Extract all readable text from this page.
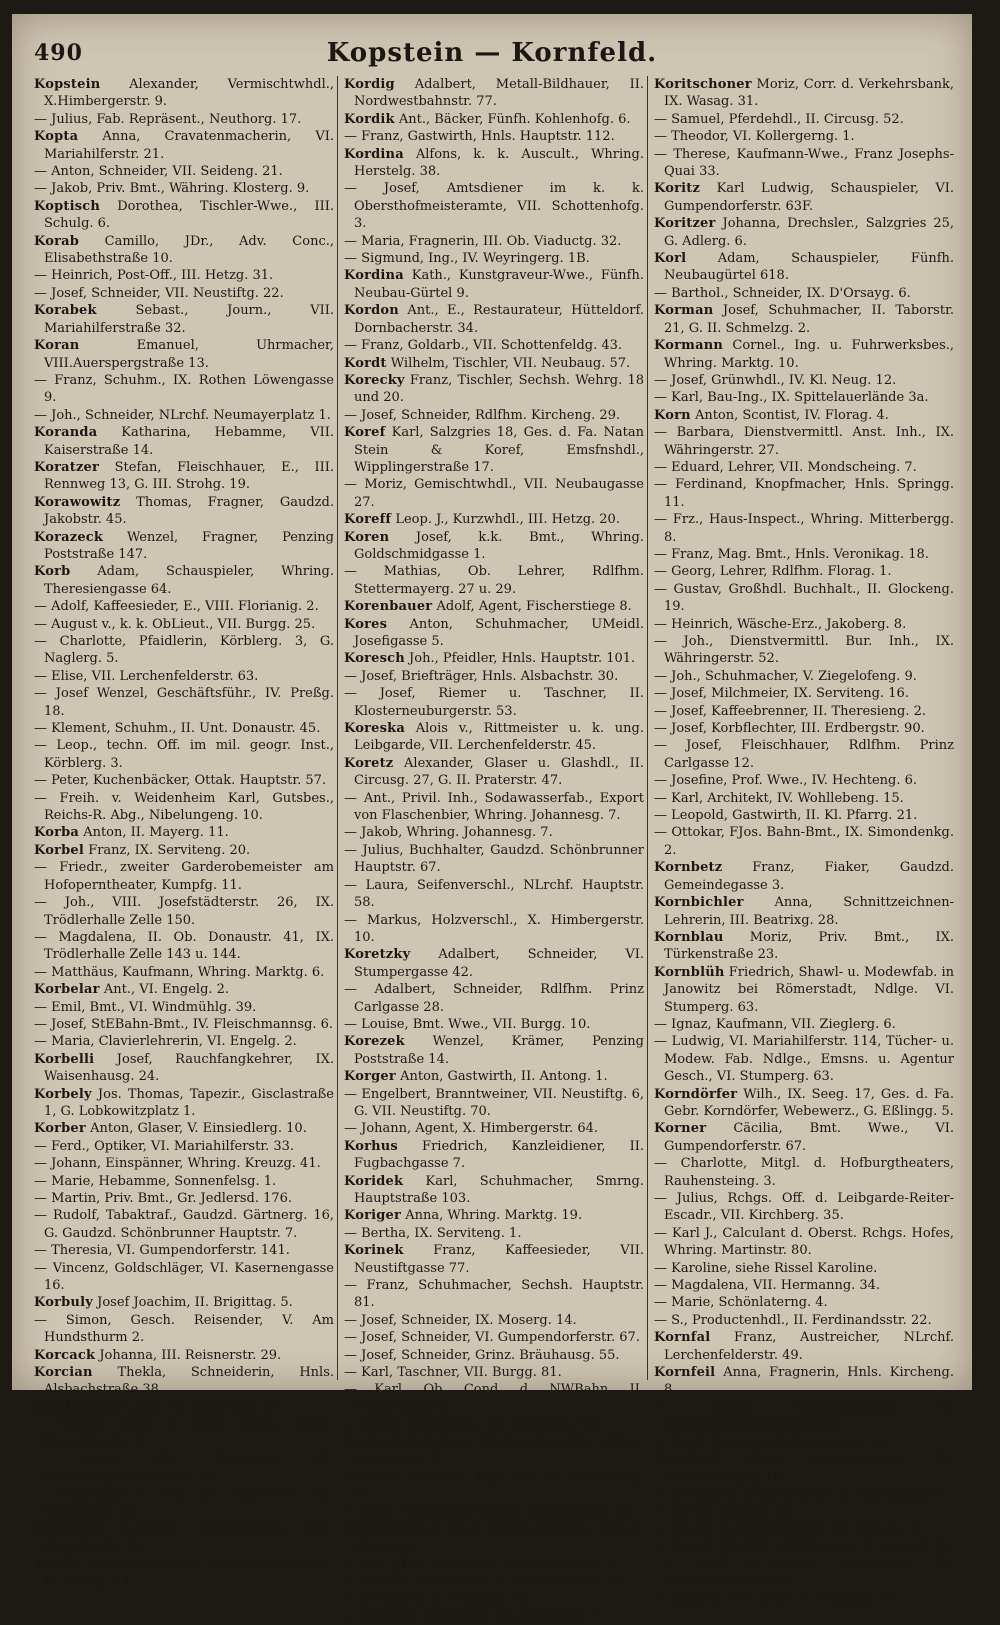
490	Kopstein — Kornfeld.

Kopstein Alexander, Vermischtwhdl., X.Himbergerstr. 9.

— Julius, Fab. Repräsent., Neuthorg. 17.

Kopta Anna, Cravatenmacherin, VI. Mariahilferstr. 21.

— Anton, Schneider, VII. Seideng. 21.

— Jakob, Priv. Bmt., Währing. Klosterg. 9.

Koptisch Dorothea, Tischler-Wwe., III. Schulg. 6.

Korab Camillo, JDr., Adv. Conc., Elisabethstraße 10.

— Heinrich, Post-Off., III. Hetzg. 31.

— Josef, Schneider, VII. Neustiftg. 22.

Korabek	Sebast., Journ., VII. Mariahilferstraße 32.

Koran	Emanuel, Uhrmacher, VIII.Auerspergstraße 13.

— Franz, Schuhm., IX. Rothen Löwengasse 9.

— Joh., Schneider, NLrchf. Neumayerplatz 1.

Koranda Katharina, Hebamme, VII. Kaiserstraße 14.

Koratzer Stefan, Fleischhauer, E., III. Rennweg 13, G. III. Strohg. 19.

Korawowitz Thomas, Fragner, Gaudzd. Jakobstr. 45.

Korazeck Wenzel, Fragner, Penzing Poststraße 147.

Korb Adam, Schauspieler, Whring. Theresiengasse 64.

— Adolf, Kaffeesieder, E., VIII. Florianig. 2.

— August v., k. k. ObLieut., VII. Burgg. 25.

— Charlotte, Pfaidlerin, Körblerg. 3, G. Naglerg. 5.

— Elise, VII. Lerchenfelderstr. 63.

— Josef Wenzel, Geschäftsführ., IV. Preßg. 18.

— Klement, Schuhm., II. Unt. Donaustr. 45.

— Leop., techn. Off. im mil. geogr. Inst., Körblerg. 3.

— Peter, Kuchenbäcker, Ottak. Hauptstr. 57.

— Freih. v. Weidenheim Karl, Gutsbes., Reichs-R. Abg., Nibelungeng. 10.

Korba Anton, II. Mayerg. 11.

Korbel Franz, IX. Serviteng. 20.

— Friedr., zweiter Garderobemeister am Hofoperntheater, Kumpfg. 11.

— Joh., VIII. Josefstädterstr. 26, IX. Trödlerhalle Zelle 150.

— Magdalena, II. Ob. Donaustr. 41, IX. Trödlerhalle Zelle 143 u. 144.

— Matthäus, Kaufmann, Whring. Marktg. 6.

Korbelar Ant., VI. Engelg. 2.

— Emil, Bmt., VI. Windmühlg. 39.

— Josef, StEBahn-Bmt., IV. Fleischmannsg. 6.

— Maria, Clavierlehrerin, VI. Engelg. 2.

Korbelli Josef, Rauchfangkehrer, IX. Waisenhausg. 24.

Korbely Jos. Thomas, Tapezir., Gisclastraße 1, G. Lobkowitzplatz 1.

Korber Anton, Glaser, V. Einsiedlerg. 10.

— Ferd., Optiker, VI. Mariahilferstr. 33.

— Johann, Einspänner, Whring. Kreuzg. 41.

— Marie, Hebamme, Sonnenfelsg. 1.

— Martin, Priv. Bmt., Gr. Jedlersd. 176.

— Rudolf, Tabaktraf., Gaudzd. Gärtnerg. 16, G. Gaudzd. Schönbrunner Hauptstr. 7.

— Theresia, VI. Gumpendorferstr. 141.

— Vincenz, Goldschläger, VI. Kasernengasse 16.

Korbuly Josef Joachim, II. Brigittag. 5.

— Simon, Gesch. Reisender, V. Am Hundsthurm 2.

Korcack Johanna, III. Reisnerstr. 29.

Korcian Thekla, Schneiderin, Hnls. Alsbachstraße 38.

Korda Josef, Lieut., IV. Schwindg. 11.

— Rudolf, Bmt. d. FJos. Bahn, Ottak. Hauptstraße 47.

— Victor, Ob. Buchhalt., IX. Schwarzspanierstraße 22.

— Vincenzia v., Ob. St. Arzt-Wwe., III. Seidlgasse 12.

Kordesch Leopold, Schriftsteller, VIII. Alserstraße 47.

Kordic Isak, Assist. a. d. techn. Hochschule, IV. Alleeg. 14.

Kordig Adalbert, Metall-Bildhauer, II. Nordwestbahnstr. 77.

Kordik Ant., Bäcker, Fünfh. Kohlenhofg. 6.

— Franz, Gastwirth, Hnls. Hauptstr. 112.

Kordina Alfons, k. k. Auscult., Whring. Herstelg. 38.

— Josef, Amtsdiener im k. k. Obersthofmeisteramte, VII. Schottenhofg. 3.

— Maria, Fragnerin, III. Ob. Viaductg. 32.

— Sigmund, Ing., IV. Weyringerg. 1B.

Kordina Kath., Kunstgraveur-Wwe., Fünfh. Neubau-Gürtel 9.

Kordon Ant., E., Restaurateur, Hütteldorf. Dornbacherstr. 34.

— Franz, Goldarb., VII. Schottenfeldg. 43.

Kordt Wilhelm, Tischler, VII. Neubaug. 57.

Korecky Franz, Tischler, Sechsh. Wehrg. 18 und 20.

— Josef, Schneider, Rdlfhm. Kircheng. 29.

Koref Karl, Salzgries 18, Ges. d. Fa. Natan Stein & Koref, Emsfnshdl., Wipplingerstraße 17.

— Moriz, Gemischtwhdl., VII. Neubaugasse 27.

Koreff Leop. J., Kurzwhdl., III. Hetzg. 20.

Koren Josef, k.k. Bmt., Whring. Goldschmidgasse 1.

— Mathias, Ob. Lehrer, Rdlfhm. Stettermayerg. 27 u. 29.

Korenbauer Adolf, Agent, Fischerstiege 8.

Kores Anton, Schuhmacher, UMeidl. Josefigasse 5.

Koresch Joh., Pfeidler, Hnls. Hauptstr. 101.

— Josef, Briefträger, Hnls. Alsbachstr. 30.

— Josef, Riemer u. Taschner, II. Klosterneuburgerstr. 53.

Koreska Alois v., Rittmeister u. k. ung. Leibgarde, VII. Lerchenfelderstr. 45.

Koretz Alexander, Glaser u. Glashdl., II. Circusg. 27, G. II. Praterstr. 47.

— Ant., Privil. Inh., Sodawasserfab., Export von Flaschenbier, Whring. Johannesg. 7.

— Jakob, Whring. Johannesg. 7.

— Julius, Buchhalter, Gaudzd. Schönbrunner Hauptstr. 67.

— Laura, Seifenverschl., NLrchf. Hauptstr. 58.

— Markus, Holzverschl., X. Himbergerstr. 10.

Koretzky Adalbert, Schneider, VI. Stumpergasse 42.

— Adalbert, Schneider, Rdlfhm. Prinz Carlgasse 28.

— Louise, Bmt. Wwe., VII. Burgg. 10.

Korezek Wenzel, Krämer, Penzing Poststraße 14.

Korger Anton, Gastwirth, II. Antong. 1.

— Engelbert, Branntweiner, VII. Neustiftg. 6, G. VII. Neustiftg. 70.

— Johann, Agent, X. Himbergerstr. 64.

Korhus Friedrich, Kanzleidiener, II. Fugbachgasse 7.

Koridek Karl, Schuhmacher, Smrng. Hauptstraße 103.

Koriger Anna, Whring. Marktg. 19.

— Bertha, IX. Serviteng. 1.

Korinek Franz, Kaffeesieder, VII. Neustiftgasse 77.

— Franz, Schuhmacher, Sechsh. Hauptstr. 81.

— Josef, Schneider, IX. Moserg. 14.

— Josef, Schneider, VI. Gumpendorferstr. 67.

— Josef, Schneider, Grinz. Bräuhausg. 55.

— Karl, Taschner, VII. Burgg. 81.

— Karl, Ob. Cond. d. NWBahn, II. Wintergasse 3.

— Maria, Wäscherin, III. Wällischg. 85.

Korischek Johann, Pfeifenschneider, Hzing. Meierhofg. 8.

Koriska Emanuel, Rgt. Arzt, IX. Garnisong. 6.

— Josef, Apotheker, Dornb. Hauptstraße 52.

Koritschoner Adolf, Producentnhdl., Ottak. Querg. 6.

— Ant., JDr., Adv. Conc., II. Gr. Ankerg. 3.

— Arnold, Buchhalter, II. Ferdinandstr. 31.

— Bernhard, II. Rueppg. 12.

— Michael, Pferdehdl., II. Josefineng. 7.

Koritschoner Moriz, Corr. d. Verkehrsbank, IX. Wasag. 31.

— Samuel, Pferdehdl., II. Circusg. 52.

— Theodor, VI. Kollergerng. 1.

— Therese, Kaufmann-Wwe., Franz Josephs-Quai 33.

Koritz Karl Ludwig, Schauspieler, VI. Gumpendorferstr. 63F.

Koritzer Johanna, Drechsler., Salzgries 25, G. Adlerg. 6.

Korl Adam, Schauspieler, Fünfh. Neubaugürtel 618.

— Barthol., Schneider, IX. D'Orsayg. 6.

Korman Josef, Schuhmacher, II. Taborstr. 21, G. II. Schmelzg. 2.

Kormann Cornel., Ing. u. Fuhrwerksbes., Whring. Marktg. 10.

— Josef, Grünwhdl., IV. Kl. Neug. 12.

— Karl, Bau-Ing., IX. Spittelauerlände 3a.

Korn Anton, Scontist, IV. Florag. 4.

— Barbara, Dienstvermittl. Anst. Inh., IX. Währingerstr. 27.

— Eduard, Lehrer, VII. Mondscheing. 7.

— Ferdinand, Knopfmacher, Hnls. Springg. 11.

— Frz., Haus-Inspect., Whring. Mitterbergg. 8.

— Franz, Mag. Bmt., Hnls. Veronikag. 18.

— Georg, Lehrer, Rdlfhm. Florag. 1.

— Gustav, Großhdl. Buchhalt., II. Glockeng. 19.

— Heinrich, Wäsche-Erz., Jakoberg. 8.

— Joh., Dienstvermittl. Bur. Inh., IX. Währingerstr. 52.

— Joh., Schuhmacher, V. Ziegelofeng. 9.

— Josef, Milchmeier, IX. Serviteng. 16.

— Josef, Kaffeebrenner, II. Theresieng. 2.

— Josef, Korbflechter, III. Erdbergstr. 90.

— Josef, Fleischhauer, Rdlfhm. Prinz Carlgasse 12.

— Josefine, Prof. Wwe., IV. Hechteng. 6.

— Karl, Architekt, IV. Wohllebeng. 15.

— Leopold, Gastwirth, II. Kl. Pfarrg. 21.

— Ottokar, FJos. Bahn-Bmt., IX. Simondenkg. 2.

Kornbetz Franz, Fiaker, Gaudzd. Gemeindegasse 3.

Kornbichler Anna, Schnittzeichnen-Lehrerin, III. Beatrixg. 28.

Kornblau Moriz, Priv. Bmt., IX. Türkenstraße 23.

Kornblüh Friedrich, Shawl- u. Modewfab. in Janowitz bei Römerstadt, Ndlge. VI. Stumperg. 63.

— Ignaz, Kaufmann, VII. Zieglerg. 6.

— Ludwig, VI. Mariahilferstr. 114, Tücher- u. Modew. Fab. Ndlge., Emsns. u. Agentur Gesch., VI. Stumperg. 63.

Korndörfer Wilh., IX. Seeg. 17, Ges. d. Fa. Gebr. Korndörfer, Webewerz., G. Eßlingg. 5.

Korner Cäcilia, Bmt. Wwe., VI. Gumpendorferstr. 67.

— Charlotte, Mitgl. d. Hofburgtheaters, Rauhensteing. 3.

— Julius, Rchgs. Off. d. Leibgarde-Reiter-Escadr., VII. Kirchberg. 35.

— Karl J., Calculant d. Oberst. Rchgs. Hofes, Whring. Martinstr. 80.

— Karoline, siehe Rissel Karoline.

— Magdalena, VII. Hermanng. 34.

— Marie, Schönlaterng. 4.

— S., Productenhdl., II. Ferdinandsstr. 22.

Kornfal Franz, Austreicher, NLrchf. Lerchenfelderstr. 49.

Kornfeil Anna, Fragnerin, Hnls. Kircheng. 8.

— Anton, Geschäftsleiter, II. Franzensbrückenstraße 22.

— Josef, Fragner, Hnls. Herreng. 3.

Kornfeld Alois, Handelsagent, III. Rasumoffskyg. 10.

— Bernhard, Branntweiner, II. Springerg. 6.

— David, Eßlingg. 10.

— David, Geschäftsführer, III. Dianag. 4.

— David, Ob. Dbl. Währingerg. 3, Ges. d. Fa. S. Weiß & Comp., Bankgesch., IX. Liechtensteinstr. 2.

— Eduard, Priv. Bmt., X. Eugeng. 37.
